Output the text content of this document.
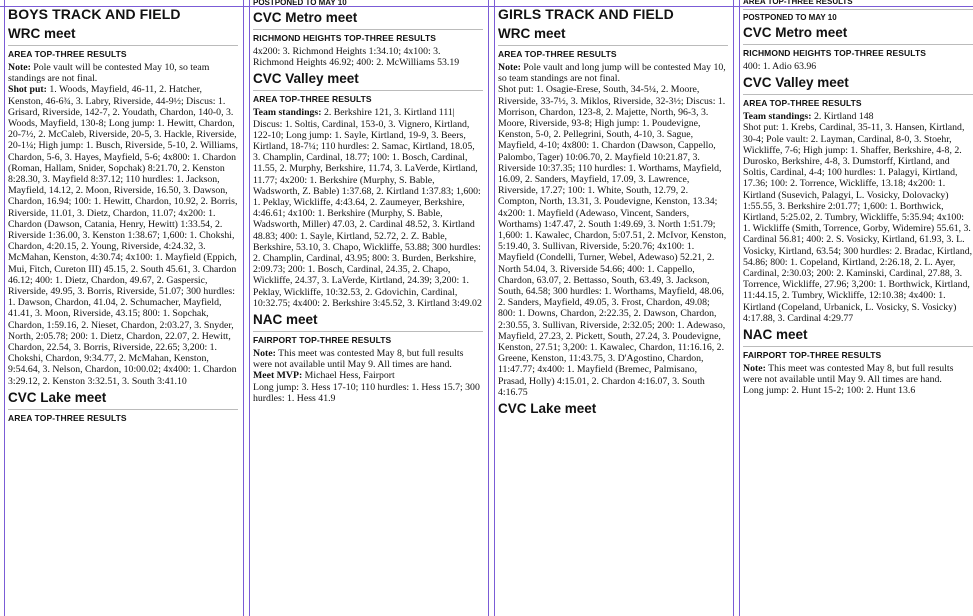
BOYS TRACK AND FIELD
WRC meet
AREA TOP-THREE RESULTS

Note: Pole vault will be contested May 10, so team standings are not final.

Shot put: 1. Woods, Mayfield, 46-11, 2. Hatcher, Kenston, 46-6¾, 3. Labry, Riverside, 44-9½; Discus: 1. Grisard, Riverside, 142-7, 2. Youdath, Chardon, 140-0, 3. Woods, Mayfield, 130-8; Long jump: 1. Hewitt, Chardon, 20-7½, 2. McCaleb, Riverside, 20-5, 3. Hackle, Riverside, 20-1¼; High jump: 1. Busch, Riverside, 5-10, 2. Williams, Chardon, 5-6, 3. Hayes, Mayfield, 5-6; 4x800: 1. Chardon (Roman, Hallam, Snider, Sopchak) 8:21.70, 2. Kenston 8:28.30, 3. Mayfield 8:37.12; 110 hurdles: 1. Jackson, Mayfield, 14.12, 2. Moon, Riverside, 16.50, 3. Dawson, Chardon, 16.94; 100: 1. Hewitt, Chardon, 10.92, 2. Borris, Riverside, 11.01, 3. Dietz, Chardon, 11.07; 4x200: 1. Chardon (Dawson, Catania, Henry, Hewitt) 1:33.54, 2. Riverside 1:36.00, 3. Kenston 1:38.67; 1,600: 1. Chokshi, Chardon, 4:20.15, 2. Young, Riverside, 4:24.32, 3. McMahan, Kenston, 4:30.74; 4x100: 1. Mayfield (Eppich, Mui, Fitch, Cureton III) 45.15, 2. South 45.61, 3. Chardon 46.12; 400: 1. Dietz, Chardon, 49.67, 2. Gaspersic, Riverside, 49.95, 3. Borris, Riverside, 51.07; 300 hurdles: 1. Dawson, Chardon, 41.04, 2. Schumacher, Mayfield, 41.41, 3. Moon, Riverside, 43.15; 800: 1. Sopchak, Chardon, 1:59.16, 2. Nieset, Chardon, 2:03.27, 3. Snyder, North, 2:05.78; 200: 1. Dietz, Chardon, 22.07, 2. Hewitt, Chardon, 22.54, 3. Borris, Riverside, 22.65; 3,200: 1. Chokshi, Chardon, 9:34.77, 2. McMahan, Kenston, 9:54.64, 3. Nelson, Chardon, 10:00.02; 4x400: 1. Chardon 3:29.12, 2. Kenston 3:32.51, 3. South 3:41.10

CVC Lake meet
AREA TOP-THREE RESULTS
POSTPONED TO MAY 10
CVC Metro meet
RICHMOND HEIGHTS TOP-THREE RESULTS

4x200: 3. Richmond Heights 1:34.10; 4x100: 3. Richmond Heights 46.92; 400: 2. McWilliams 53.19

CVC Valley meet
AREA TOP-THREE RESULTS

Team standings: 2. Berkshire 121, 3. Kirtland 111|

Discus: 1. Soltis, Cardinal, 153-0, 3. Vignero, Kirtland, 122-10; Long jump: 1. Sayle, Kirtland, 19-9, 3. Beers, Kirtland, 18-7¼; 110 hurdles: 2. Samac, Kirtland, 18.05, 3. Champlin, Cardinal, 18.77; 100: 1. Bosch, Cardinal, 11.55, 2. Murphy, Berkshire, 11.74, 3. LaVerde, Kirtland, 11.77; 4x200: 1. Berkshire (Murphy, S. Bable, Wadsworth, Z. Bable) 1:37.68, 2. Kirtland 1:37.83; 1,600: 1. Peklay, Wickliffe, 4:43.64, 2. Zaumeyer, Berkshire, 4:46.61; 4x100: 1. Berkshire (Murphy, S. Bable, Wadsworth, Miller) 47.03, 2. Cardinal 48.52, 3. Kirtland 48.83; 400: 1. Sayle, Kirtland, 52.72, 2. Z. Bable, Berkshire, 53.10, 3. Chapo, Wickliffe, 53.88; 300 hurdles: 2. Champlin, Cardinal, 43.95; 800: 3. Burden, Berkshire, 2:09.73; 200: 1. Bosch, Cardinal, 24.35, 2. Chapo, Wickliffe, 24.37, 3. LaVerde, Kirtland, 24.39; 3,200: 1. Peklay, Wickliffe, 10:32.53, 2. Gdovichin, Cardinal, 10:32.75; 4x400: 2. Berkshire 3:45.52, 3. Kirtland 3:49.02

NAC meet
FAIRPORT TOP-THREE RESULTS

Note: This meet was contested May 8, but full results were not available until May 9. All times are hand.

Meet MVP: Michael Hess, Fairport

Long jump: 3. Hess 17-10; 110 hurdles: 1. Hess 15.7; 300 hurdles: 1. Hess 41.9

GIRLS TRACK AND FIELD
WRC meet
AREA TOP-THREE RESULTS

Note: Pole vault and long jump will be contested May 10, so team standings are not final.

Shot put: 1. Osagie-Erese, South, 34-5¼, 2. Moore, Riverside, 33-7½, 3. Miklos, Riverside, 32-3½; Discus: 1. Morrison, Chardon, 123-8, 2. Majette, North, 96-3, 3. Moore, Riverside, 93-8; High jump: 1. Poudevigne, Kenston, 5-0, 2. Pellegrini, South, 4-10, 3. Sague, Mayfield, 4-10; 4x800: 1. Chardon (Dawson, Cappello, Palombo, Tager) 10:06.70, 2. Mayfield 10:21.87, 3. Riverside 10:37.35; 110 hurdles: 1. Worthams, Mayfield, 16.09, 2. Sanders, Mayfield, 17.09, 3. Lawrence, Riverside, 17.27; 100: 1. White, South, 12.79, 2. Compton, North, 13.31, 3. Poudevigne, Kenston, 13.34; 4x200: 1. Mayfield (Adewaso, Vincent, Sanders, Worthams) 1:47.47, 2. South 1:49.69, 3. North 1:51.79; 1,600: 1. Kawalec, Chardon, 5:07.51, 2. McIvor, Kenston, 5:19.40, 3. Sullivan, Riverside, 5:20.76; 4x100: 1. Mayfield (Condelli, Turner, Webel, Adewaso) 52.21, 2. North 54.04, 3. Riverside 54.66; 400: 1. Cappello, Chardon, 63.07, 2. Bettasso, South, 63.49, 3. Jackson, South, 64.58; 300 hurdles: 1. Worthams, Mayfield, 48.06, 2. Sanders, Mayfield, 49.05, 3. Frost, Chardon, 49.08; 800: 1. Downs, Chardon, 2:22.35, 2. Dawson, Chardon, 2:30.55, 3. Sullivan, Riverside, 2:32.05; 200: 1. Adewaso, Mayfield, 27.23, 2. Pickett, South, 27.24, 3. Poudevigne, Kenston, 27.51; 3,200: 1. Kawalec, Chardon, 11:16.16, 2. Greene, Kenston, 11:43.75, 3. D'Agostino, Chardon, 11:47.77; 4x400: 1. Mayfield (Bremec, Palmisano, Prasad, Holly) 4:15.01, 2. Chardon 4:16.07, 3. South 4:16.75

CVC Lake meet
AREA TOP-THREE RESULTS
POSTPONED TO MAY 10
CVC Metro meet
RICHMOND HEIGHTS TOP-THREE RESULTS

400: 1. Adio 63.96

CVC Valley meet
AREA TOP-THREE RESULTS

Team standings: 2. Kirtland 148

Shot put: 1. Krebs, Cardinal, 35-11, 3. Hansen, Kirtland, 30-4; Pole vault: 2. Layman, Cardinal, 8-0, 3. Stoehr, Wickliffe, 7-6; High jump: 1. Shaffer, Berkshire, 4-8, 2. Durosko, Berkshire, 4-8, 3. Dumstorff, Kirtland, and Soltis, Cardinal, 4-4; 100 hurdles: 1. Palagyi, Kirtland, 17.36; 100: 2. Torrence, Wickliffe, 13.18; 4x200: 1. Kirtland (Susevich, Palagyi, L. Vosicky, Dolovacky) 1:55.55, 3. Berkshire 2:01.77; 1,600: 1. Borthwick, Kirtland, 5:25.02, 2. Tumbry, Wickliffe, 5:35.94; 4x100: 1. Wickliffe (Smith, Torrence, Gorby, Widemire) 55.61, 3. Cardinal 56.81; 400: 2. S. Vosicky, Kirtland, 61.93, 3. L. Vosicky, Kirtland, 63.54; 300 hurdles: 2. Bradac, Kirtland, 54.86; 800: 1. Copeland, Kirtland, 2:26.18, 2. L. Ayer, Cardinal, 2:30.03; 200: 2. Kaminski, Cardinal, 27.88, 3. Torrence, Wickliffe, 27.96; 3,200: 1. Borthwick, Kirtland, 11:44.15, 2. Tumbry, Wickliffe, 12:10.38; 4x400: 1. Kirtland (Copeland, Urbanick, L. Vosicky, S. Vosicky) 4:17.88, 3. Cardinal 4:29.77

NAC meet
FAIRPORT TOP-THREE RESULTS

Note: This meet was contested May 8, but full results were not available until May 9. All times are hand.

Long jump: 2. Hunt 15-2; 100: 2. Hunt 13.6
